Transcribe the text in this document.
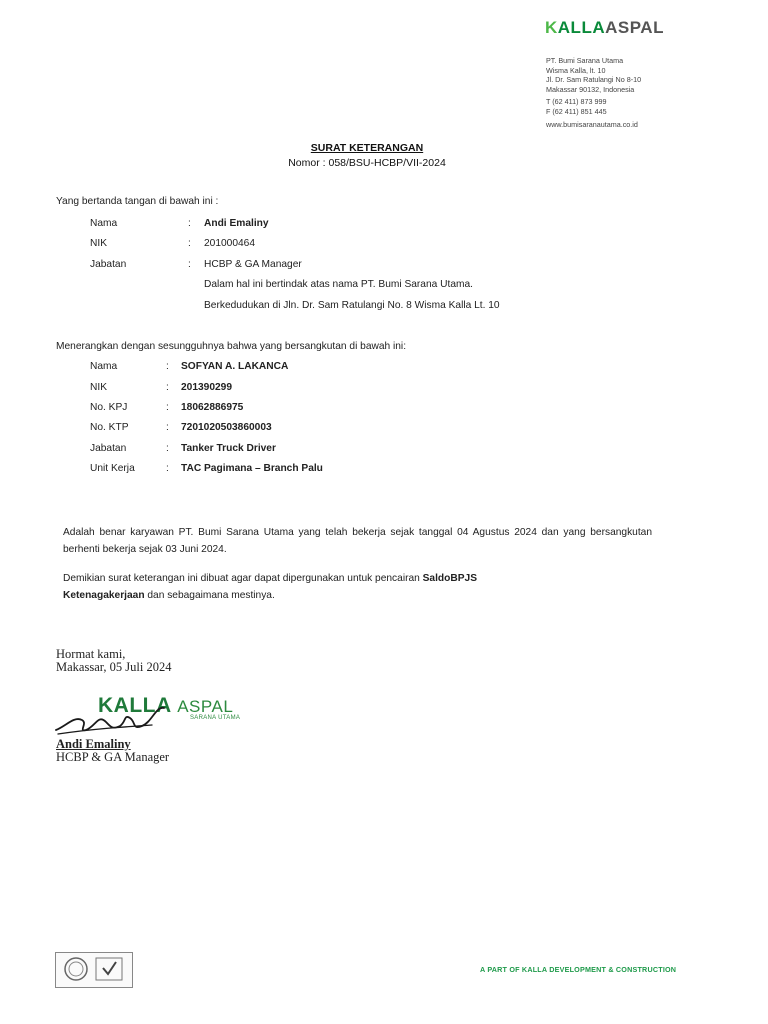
KALLAASPAL
PT. Bumi Sarana Utama
Wisma Kalla, lt. 10
Jl. Dr. Sam Ratulangi No 8-10
Makassar 90132, Indonesia
T (62 411) 873 999
F (62 411) 851 445
www.bumisaranautama.co.id
SURAT KETERANGAN
Nomor : 058/BSU-HCBP/VII-2024
Yang bertanda tangan di bawah ini :
Nama	: Andi Emaliny
NIK	: 201000464
Jabatan	: HCBP & GA Manager
Dalam hal ini bertindak atas nama PT. Bumi Sarana Utama.
Berkedudukan di Jln. Dr. Sam Ratulangi No. 8 Wisma Kalla Lt. 10
Menerangkan dengan sesungguhnya bahwa yang bersangkutan di bawah ini:
Nama	: SOFYAN A. LAKANCA
NIK	: 201390299
No. KPJ	: 18062886975
No. KTP	: 7201020503860003
Jabatan	: Tanker Truck Driver
Unit Kerja	: TAC Pagimana – Branch Palu
Adalah benar karyawan PT. Bumi Sarana Utama yang telah bekerja sejak tanggal 04 Agustus 2024 dan yang bersangkutan berhenti bekerja sejak 03 Juni 2024.
Demikian surat keterangan ini dibuat agar dapat dipergunakan untuk pencairan SaldoBPJS
Ketenagakerjaan dan sebagaimana mestinya.
Hormat kami,
Makassar, 05 Juli 2024
KALLA ASPAL
SARANA UTAMA
Andi Emaliny
HCBP & GA Manager
A PART OF KALLA DEVELOPMENT & CONSTRUCTION
